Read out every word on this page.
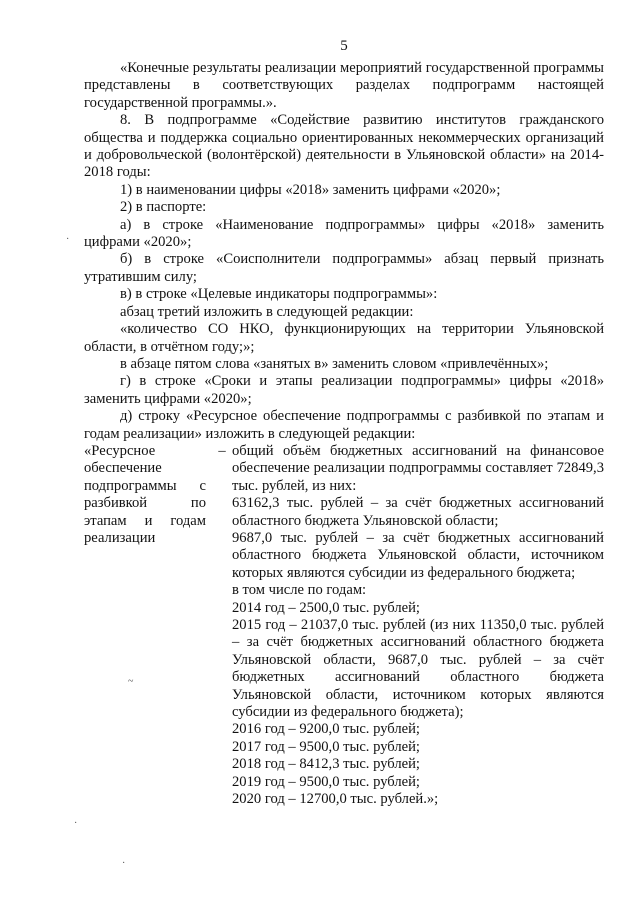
5

«Конечные результаты реализации мероприятий государственной программы представлены в соответствующих разделах подпрограмм настоящей государственной программы.».

8. В подпрограмме «Содействие развитию институтов гражданского общества и поддержка социально ориентированных некоммерческих организаций и добровольческой (волонтёрской) деятельности в Ульяновской области» на 2014-2018 годы:

1) в наименовании цифры «2018» заменить цифрами «2020»;

2) в паспорте:

а) в строке «Наименование подпрограммы» цифры «2018» заменить цифрами «2020»;

б) в строке «Соисполнители подпрограммы» абзац первый признать утратившим силу;

в) в строке «Целевые индикаторы подпрограммы»:

абзац третий изложить в следующей редакции:

«количество СО НКО, функционирующих на территории Ульяновской области, в отчётном году;»;

в абзаце пятом слова «занятых в» заменить словом «привлечённых»;

г) в строке «Сроки и этапы реализации подпрограммы» цифры «2018» заменить цифрами «2020»;

д) строку «Ресурсное обеспечение подпрограммы с разбивкой по этапам и годам реализации» изложить в следующей редакции:

«Ресурсное обеспечение подпрограммы с разбивкой по этапам и годам реализации
– общий объём бюджетных ассигнований на финансовое обеспечение реализации подпрограммы составляет 72849,3 тыс. рублей, из них:

63162,3 тыс. рублей – за счёт бюджетных ассигнований областного бюджета Ульяновской области;

9687,0 тыс. рублей – за счёт бюджетных ассигнований областного бюджета Ульяновской области, источником которых являются субсидии из федерального бюджета;

в том числе по годам:

2014 год – 2500,0 тыс. рублей;

2015 год – 21037,0 тыс. рублей (из них 11350,0 тыс. рублей – за счёт бюджетных ассигнований областного бюджета Ульяновской области, 9687,0 тыс. рублей – за счёт бюджетных ассигнований областного бюджета Ульяновской области, источником которых являются субсидии из федерального бюджета);

2016 год – 9200,0 тыс. рублей;

2017 год – 9500,0 тыс. рублей;

2018 год – 8412,3 тыс. рублей;

2019 год – 9500,0 тыс. рублей;

2020 год – 12700,0 тыс. рублей.»;

·
~
·
·
